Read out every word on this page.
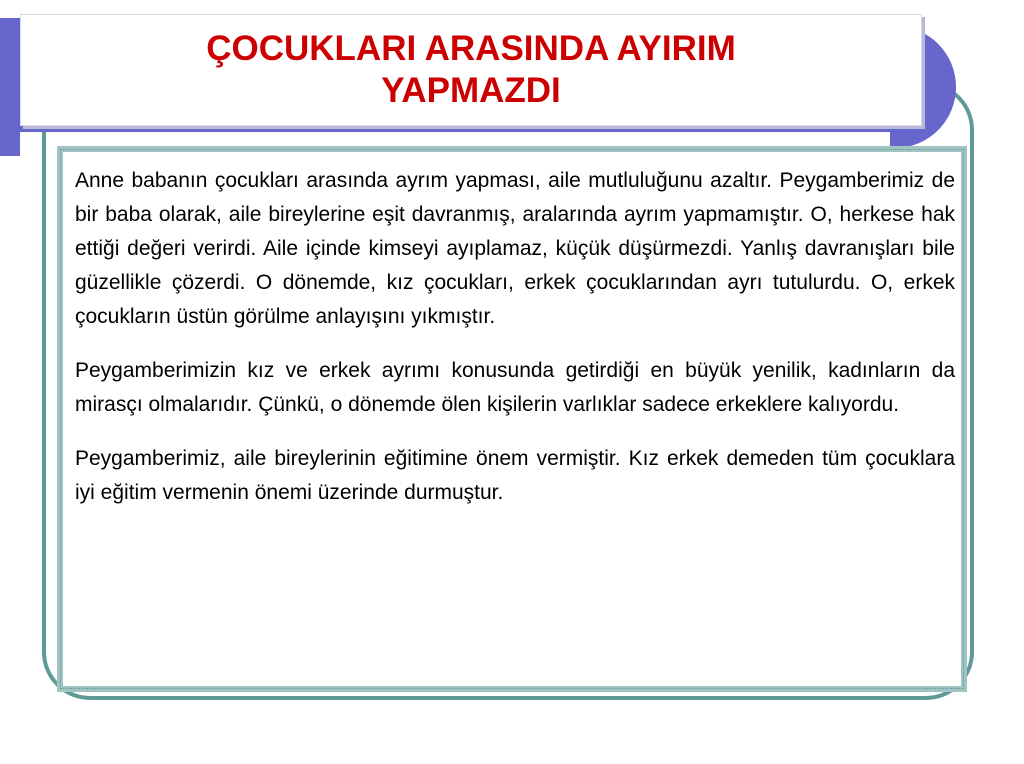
ÇOCUKLARI ARASINDA AYIRIM
YAPMAZDI

Anne babanın çocukları arasında ayrım yapması, aile mutluluğunu azaltır. Peygamberimiz de bir baba olarak, aile bireylerine eşit davranmış, aralarında ayrım yapmamıştır. O, herkese hak ettiği değeri verirdi. Aile içinde kimseyi ayıplamaz, küçük düşürmezdi. Yanlış davranışları bile güzellikle çözerdi. O dönemde, kız çocukları, erkek çocuklarından ayrı tutulurdu. O, erkek çocukların üstün görülme anlayışını yıkmıştır.

Peygamberimizin kız ve erkek ayrımı konusunda getirdiği en büyük yenilik, kadınların da mirasçı olmalarıdır. Çünkü, o dönemde ölen kişilerin varlıklar sadece erkeklere kalıyordu.

Peygamberimiz, aile bireylerinin eğitimine önem vermiştir. Kız erkek demeden tüm çocuklara iyi eğitim vermenin önemi üzerinde durmuştur.
